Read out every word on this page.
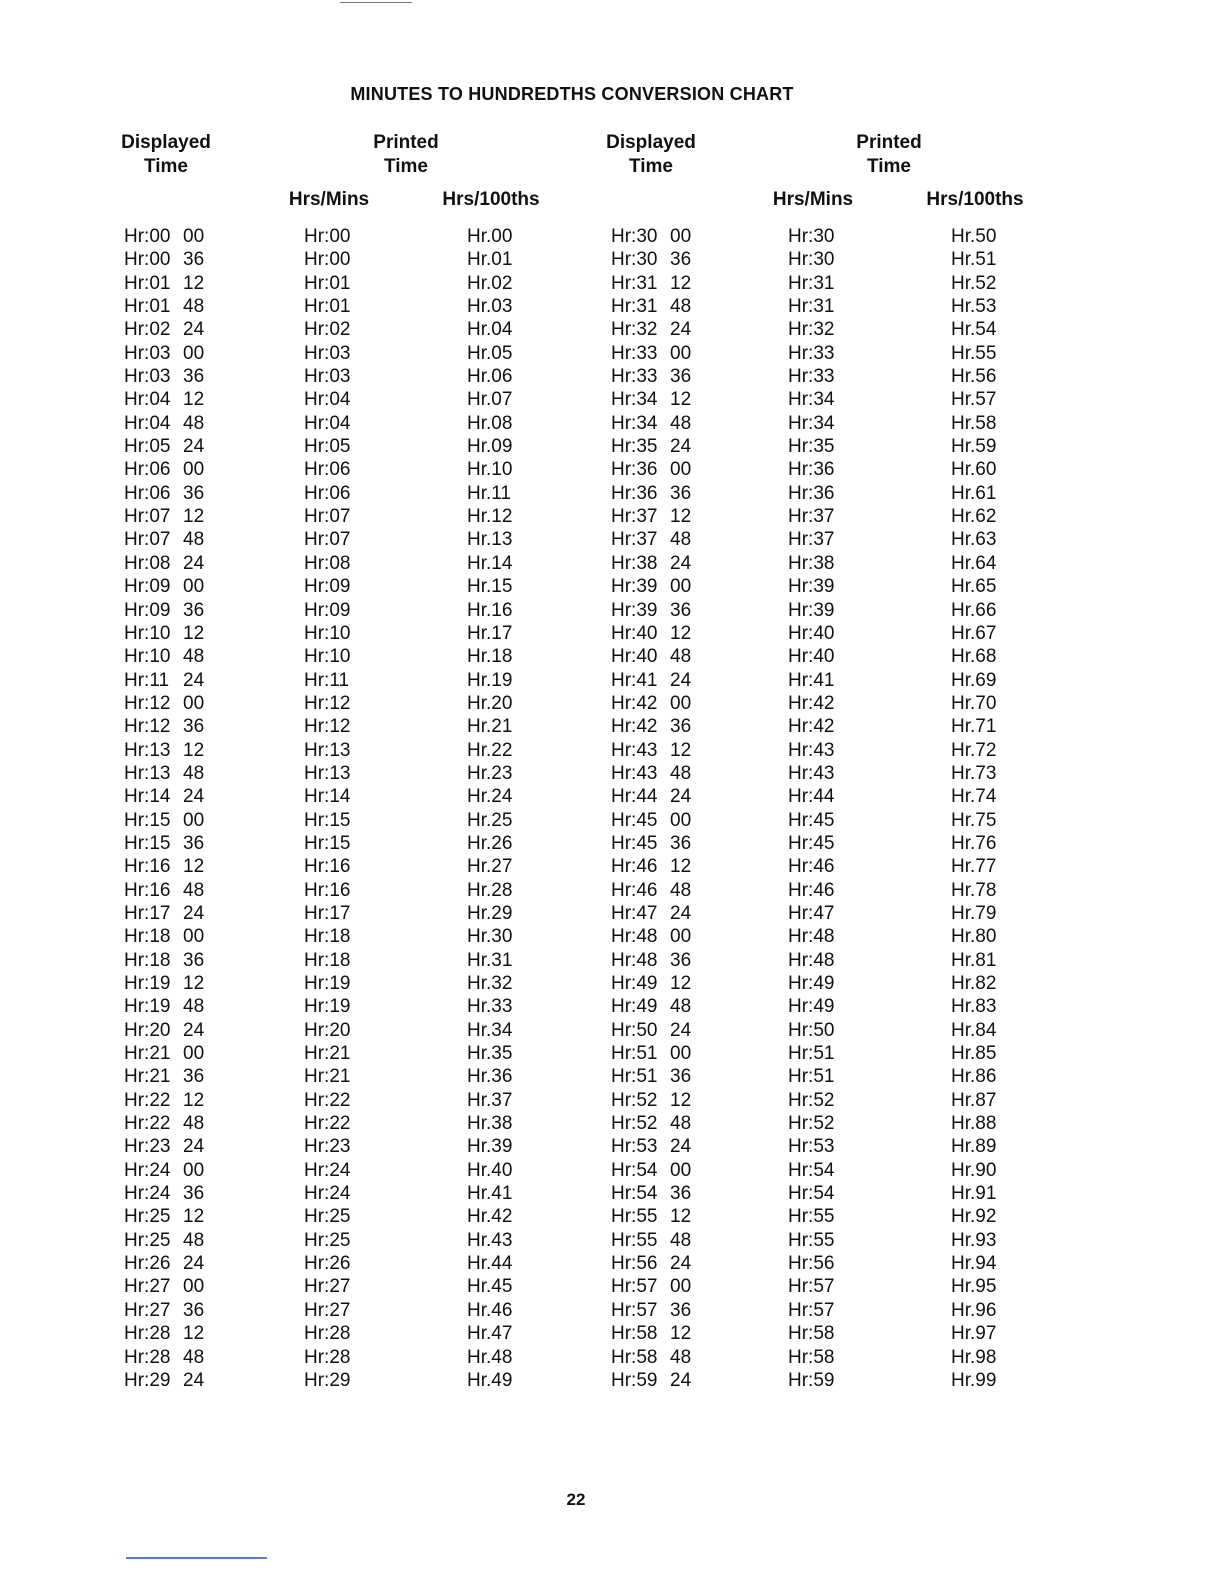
MINUTES TO HUNDREDTHS CONVERSION CHART
Displayed
Time
Printed
Time
Displayed
Time
Printed
Time
Hrs/Mins	Hrs/100ths	Hrs/Mins	Hrs/100ths
Hr:00 00	Hr:00	Hr.00	Hr:30 00	Hr:30	Hr.50
Hr:00 36	Hr:00	Hr.01	Hr:30 36	Hr:30	Hr.51
Hr:01 12	Hr:01	Hr.02	Hr:31 12	Hr:31	Hr.52
Hr:01 48	Hr:01	Hr.03	Hr:31 48	Hr:31	Hr.53
Hr:02 24	Hr:02	Hr.04	Hr:32 24	Hr:32	Hr.54
Hr:03 00	Hr:03	Hr.05	Hr:33 00	Hr:33	Hr.55
Hr:03 36	Hr:03	Hr.06	Hr:33 36	Hr:33	Hr.56
Hr:04 12	Hr:04	Hr.07	Hr:34 12	Hr:34	Hr.57
Hr:04 48	Hr:04	Hr.08	Hr:34 48	Hr:34	Hr.58
Hr:05 24	Hr:05	Hr.09	Hr:35 24	Hr:35	Hr.59
Hr:06 00	Hr:06	Hr.10	Hr:36 00	Hr:36	Hr.60
Hr:06 36	Hr:06	Hr.11	Hr:36 36	Hr:36	Hr.61
Hr:07 12	Hr:07	Hr.12	Hr:37 12	Hr:37	Hr.62
Hr:07 48	Hr:07	Hr.13	Hr:37 48	Hr:37	Hr.63
Hr:08 24	Hr:08	Hr.14	Hr:38 24	Hr:38	Hr.64
Hr:09 00	Hr:09	Hr.15	Hr:39 00	Hr:39	Hr.65
Hr:09 36	Hr:09	Hr.16	Hr:39 36	Hr:39	Hr.66
Hr:10 12	Hr:10	Hr.17	Hr:40 12	Hr:40	Hr.67
Hr:10 48	Hr:10	Hr.18	Hr:40 48	Hr:40	Hr.68
Hr:11 24	Hr:11	Hr.19	Hr:41 24	Hr:41	Hr.69
Hr:12 00	Hr:12	Hr.20	Hr:42 00	Hr:42	Hr.70
Hr:12 36	Hr:12	Hr.21	Hr:42 36	Hr:42	Hr.71
Hr:13 12	Hr:13	Hr.22	Hr:43 12	Hr:43	Hr.72
Hr:13 48	Hr:13	Hr.23	Hr:43 48	Hr:43	Hr.73
Hr:14 24	Hr:14	Hr.24	Hr:44 24	Hr:44	Hr.74
Hr:15 00	Hr:15	Hr.25	Hr:45 00	Hr:45	Hr.75
Hr:15 36	Hr:15	Hr.26	Hr:45 36	Hr:45	Hr.76
Hr:16 12	Hr:16	Hr.27	Hr:46 12	Hr:46	Hr.77
Hr:16 48	Hr:16	Hr.28	Hr:46 48	Hr:46	Hr.78
Hr:17 24	Hr:17	Hr.29	Hr:47 24	Hr:47	Hr.79
Hr:18 00	Hr:18	Hr.30	Hr:48 00	Hr:48	Hr.80
Hr:18 36	Hr:18	Hr.31	Hr:48 36	Hr:48	Hr.81
Hr:19 12	Hr:19	Hr.32	Hr:49 12	Hr:49	Hr.82
Hr:19 48	Hr:19	Hr.33	Hr:49 48	Hr:49	Hr.83
Hr:20 24	Hr:20	Hr.34	Hr:50 24	Hr:50	Hr.84
Hr:21 00	Hr:21	Hr.35	Hr:51 00	Hr:51	Hr.85
Hr:21 36	Hr:21	Hr.36	Hr:51 36	Hr:51	Hr.86
Hr:22 12	Hr:22	Hr.37	Hr:52 12	Hr:52	Hr.87
Hr:22 48	Hr:22	Hr.38	Hr:52 48	Hr:52	Hr.88
Hr:23 24	Hr:23	Hr.39	Hr:53 24	Hr:53	Hr.89
Hr:24 00	Hr:24	Hr.40	Hr:54 00	Hr:54	Hr.90
Hr:24 36	Hr:24	Hr.41	Hr:54 36	Hr:54	Hr.91
Hr:25 12	Hr:25	Hr.42	Hr:55 12	Hr:55	Hr.92
Hr:25 48	Hr:25	Hr.43	Hr:55 48	Hr:55	Hr.93
Hr:26 24	Hr:26	Hr.44	Hr:56 24	Hr:56	Hr.94
Hr:27 00	Hr:27	Hr.45	Hr:57 00	Hr:57	Hr.95
Hr:27 36	Hr:27	Hr.46	Hr:57 36	Hr:57	Hr.96
Hr:28 12	Hr:28	Hr.47	Hr:58 12	Hr:58	Hr.97
Hr:28 48	Hr:28	Hr.48	Hr:58 48	Hr:58	Hr.98
Hr:29 24	Hr:29	Hr.49	Hr:59 24	Hr:59	Hr.99
22
